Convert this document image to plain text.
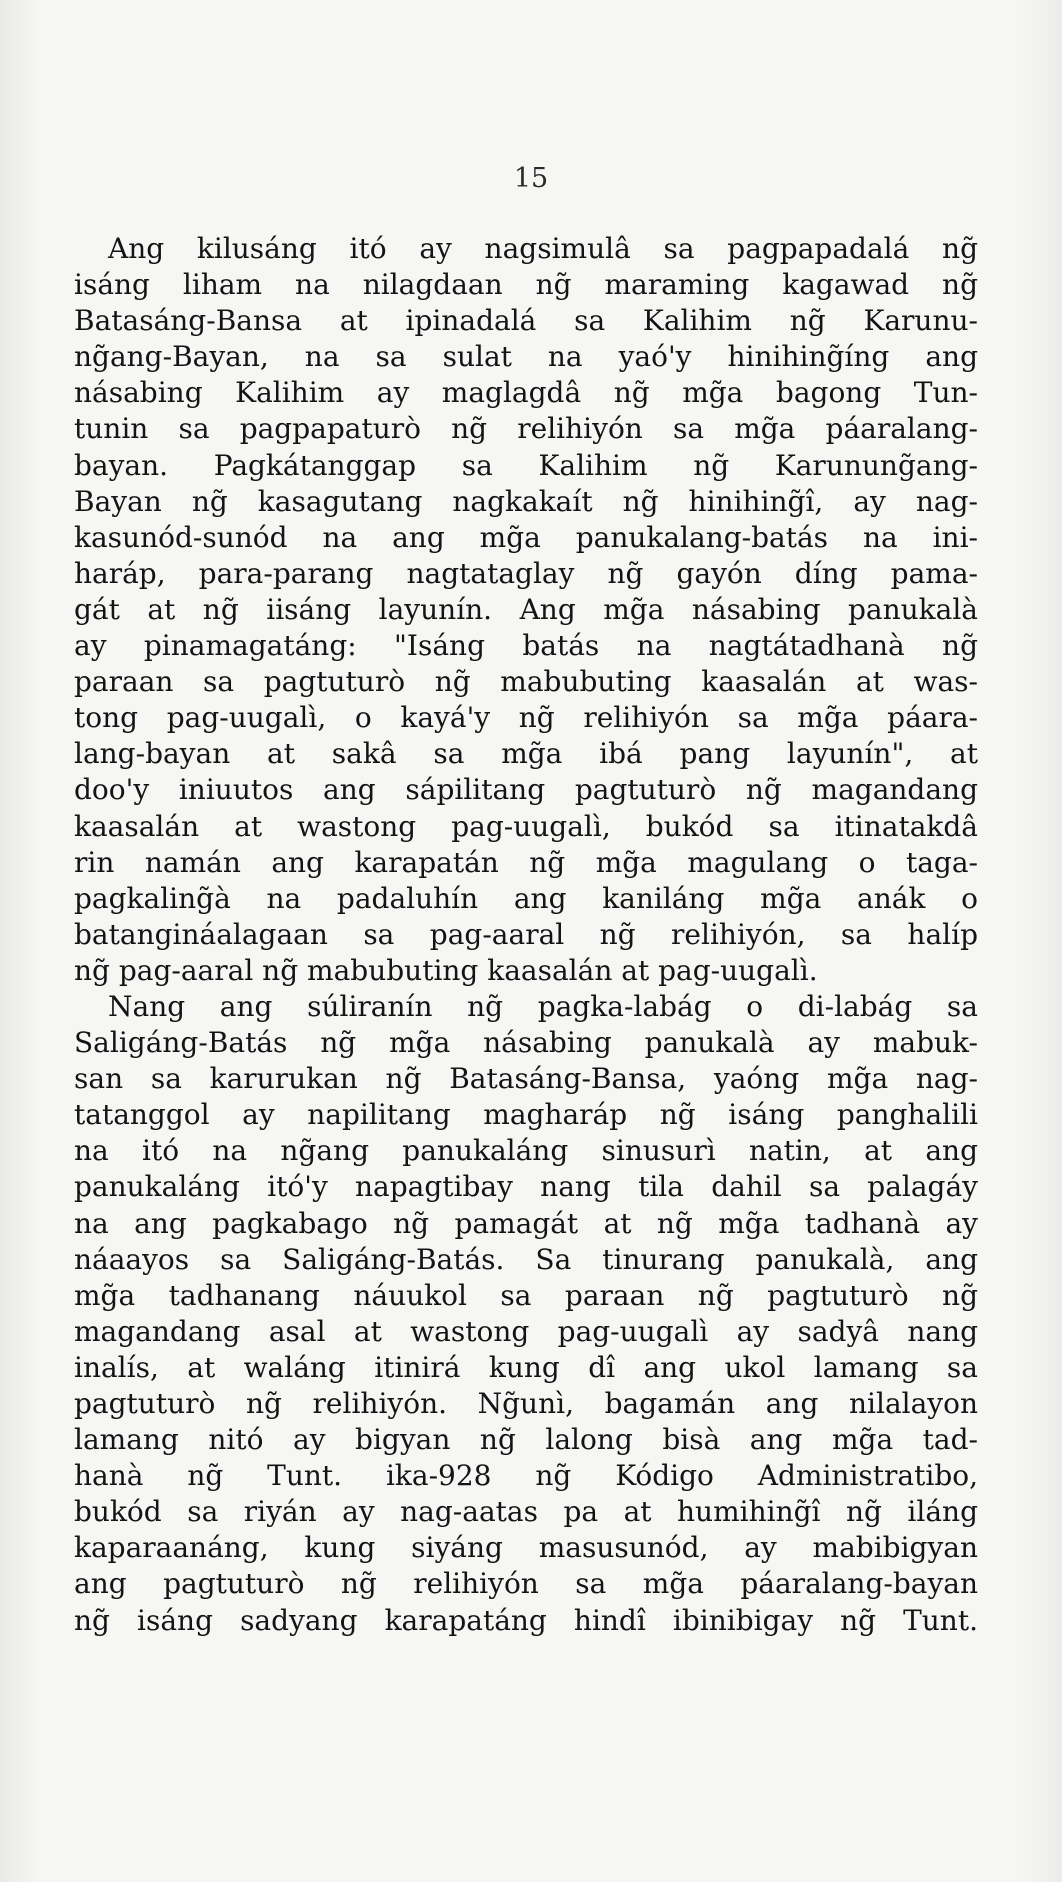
15
Ang kilusáng itó ay nagsimulâ sa pagpapadalá ng̃
isáng liham na nilagdaan ng̃ maraming kagawad ng̃
Batasáng-Bansa at ipinadalá sa Kalihim ng̃ Karunu-
ng̃ang-Bayan, na sa sulat na yaó'y hinihing̃íng ang
násabing Kalihim ay maglagdâ ng̃ mg̃a bagong Tun-
tunin sa pagpapaturò ng̃ relihiyón sa mg̃a páaralang-
bayan. Pagkátanggap sa Kalihim ng̃ Karunung̃ang-
Bayan ng̃ kasagutang nagkakaít ng̃ hinihing̃î, ay nag-
kasunód-sunód na ang mg̃a panukalang-batás na ini-
haráp, para-parang nagtataglay ng̃ gayón díng pama-
gát at ng̃ iisáng layunín. Ang mg̃a násabing panukalà
ay pinamagatáng: "Isáng batás na nagtátadhanà ng̃
paraan sa pagtuturò ng̃ mabubuting kaasalán at was-
tong pag-uugalì, o kayá'y ng̃ relihiyón sa mg̃a páara-
lang-bayan at sakâ sa mg̃a ibá pang layunín", at
doo'y iniuutos ang sápilitang pagtuturò ng̃ magandang
kaasalán at wastong pag-uugalì, bukód sa itinatakdâ
rin namán ang karapatán ng̃ mg̃a magulang o taga-
pagkaling̃à na padaluhín ang kaniláng mg̃a anák o
batangináalagaan sa pag-aaral ng̃ relihiyón, sa halíp
ng̃ pag-aaral ng̃ mabubuting kaasalán at pag-uugalì.
Nang ang súliranín ng̃ pagka-labág o di-labág sa
Saligáng-Batás ng̃ mg̃a násabing panukalà ay mabuk-
san sa karurukan ng̃ Batasáng-Bansa, yaóng mg̃a nag-
tatanggol ay napilitang magharáp ng̃ isáng panghalili
na itó na ng̃ang panukaláng sinusurì natin, at ang
panukaláng itó'y napagtibay nang tila dahil sa palagáy
na ang pagkabago ng̃ pamagát at ng̃ mg̃a tadhanà ay
náaayos sa Saligáng-Batás. Sa tinurang panukalà, ang
mg̃a tadhanang náuukol sa paraan ng̃ pagtuturò ng̃
magandang asal at wastong pag-uugalì ay sadyâ nang
inalís, at waláng itinirá kung dî ang ukol lamang sa
pagtuturò ng̃ relihiyón. Ng̃unì, bagamán ang nilalayon
lamang nitó ay bigyan ng̃ lalong bisà ang mg̃a tad-
hanà ng̃ Tunt. ika-928 ng̃ Kódigo Administratibo,
bukód sa riyán ay nag-aatas pa at humihing̃î ng̃ iláng
kaparaanáng, kung siyáng masusunód, ay mabibigyan
ang pagtuturò ng̃ relihiyón sa mg̃a páaralang-bayan
ng̃ isáng sadyang karapatáng hindî ibinibigay ng̃ Tunt.
